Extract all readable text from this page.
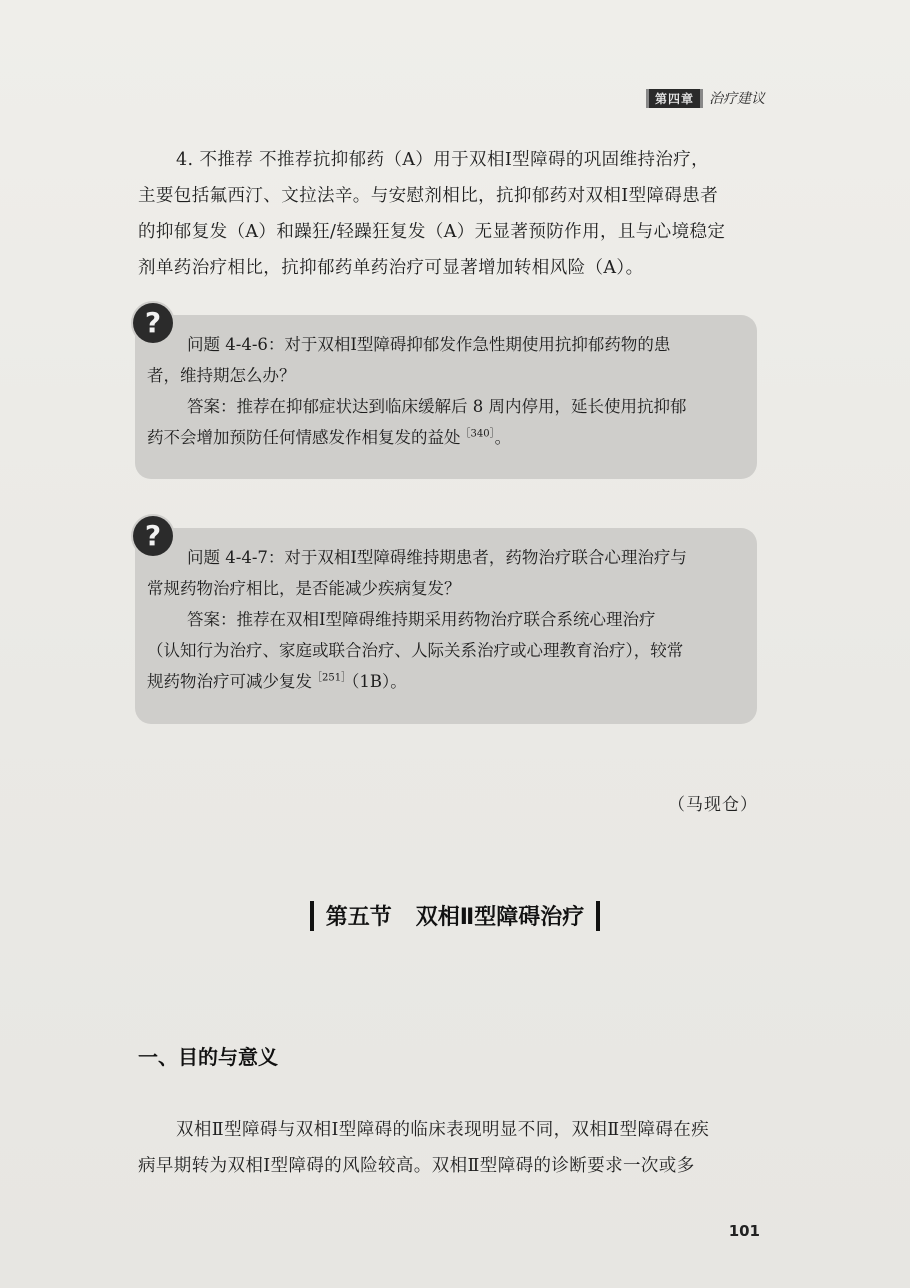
第四章	治疗建议
4. 不推荐 不推荐抗抑郁药（A）用于双相Ⅰ型障碍的巩固维持治疗，
主要包括氟西汀、文拉法辛。与安慰剂相比，抗抑郁药对双相Ⅰ型障碍患者
的抑郁复发（A）和躁狂/轻躁狂复发（A）无显著预防作用，且与心境稳定
剂单药治疗相比，抗抑郁药单药治疗可显著增加转相风险（A）。
?
问题 4-4-6：对于双相Ⅰ型障碍抑郁发作急性期使用抗抑郁药物的患
者，维持期怎么办？
答案：推荐在抑郁症状达到临床缓解后 8 周内停用，延长使用抗抑郁
药不会增加预防任何情感发作相复发的益处$^{[340]}$。
?
问题 4-4-7：对于双相Ⅰ型障碍维持期患者，药物治疗联合心理治疗与
常规药物治疗相比，是否能减少疾病复发？
答案：推荐在双相Ⅰ型障碍维持期采用药物治疗联合系统心理治疗
（认知行为治疗、家庭或联合治疗、人际关系治疗或心理教育治疗），较常
规药物治疗可减少复发$^{[251]}$（1B）。
（马现仓）
第五节 双相Ⅱ型障碍治疗
一、目的与意义
双相Ⅱ型障碍与双相Ⅰ型障碍的临床表现明显不同，双相Ⅱ型障碍在疾
病早期转为双相Ⅰ型障碍的风险较高。双相Ⅱ型障碍的诊断要求一次或多
101
